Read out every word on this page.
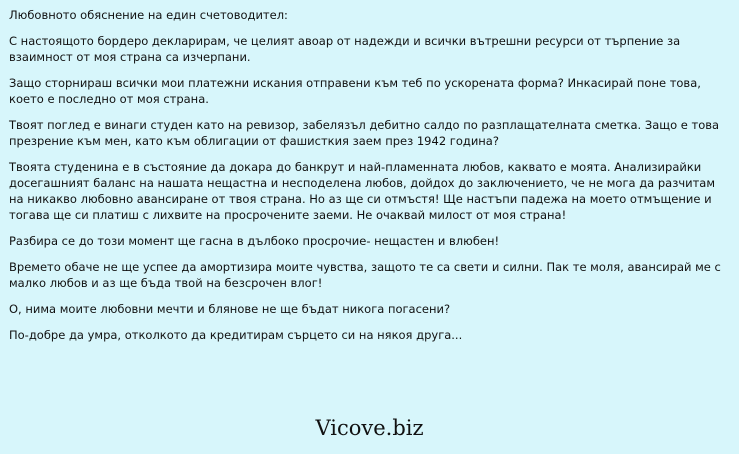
Любовното обяснение на един счетоводител:

С настоящото бордеро декларирам, че целият авоар от надежди и всички вътрешни ресурси от търпение за взаимност от моя страна са изчерпани.

Защо сторнираш всички мои платежни искания отправени към теб по ускорената форма? Инкасирай поне това, което е последно от моя страна.

Твоят поглед е винаги студен като на ревизор, забелязъл дебитно салдо по разплащателната сметка. Защо е това презрение към мен, като към облигации от фашисткия заем през 1942 година?

Твоята студенина е в състояние да докара до банкрут и най-пламенната любов, каквато е моята. Анализирайки досегашният баланс на нашата нещастна и несподелена любов, дойдох до заключението, че не мога да разчитам на никакво любовно авансиране от твоя страна. Но аз ще си отмъстя! Ще настъпи падежа на моето отмъщение и тогава ще си платиш с лихвите на просрочените заеми. Не очаквай милост от моя страна!

Разбира се до този момент ще гасна в дълбоко просрочие- нещастен и влюбен!

Времето обаче не ще успее да амортизира моите чувства, защото те са свети и силни. Пак те моля, авансирай ме с малко любов и аз ще бъда твой на безсрочен влог!

О, нима моите любовни мечти и блянове не ще бъдат никога погасени?

По-добре да умра, отколкото да кредитирам сърцето си на някоя друга...

Vicove.biz
